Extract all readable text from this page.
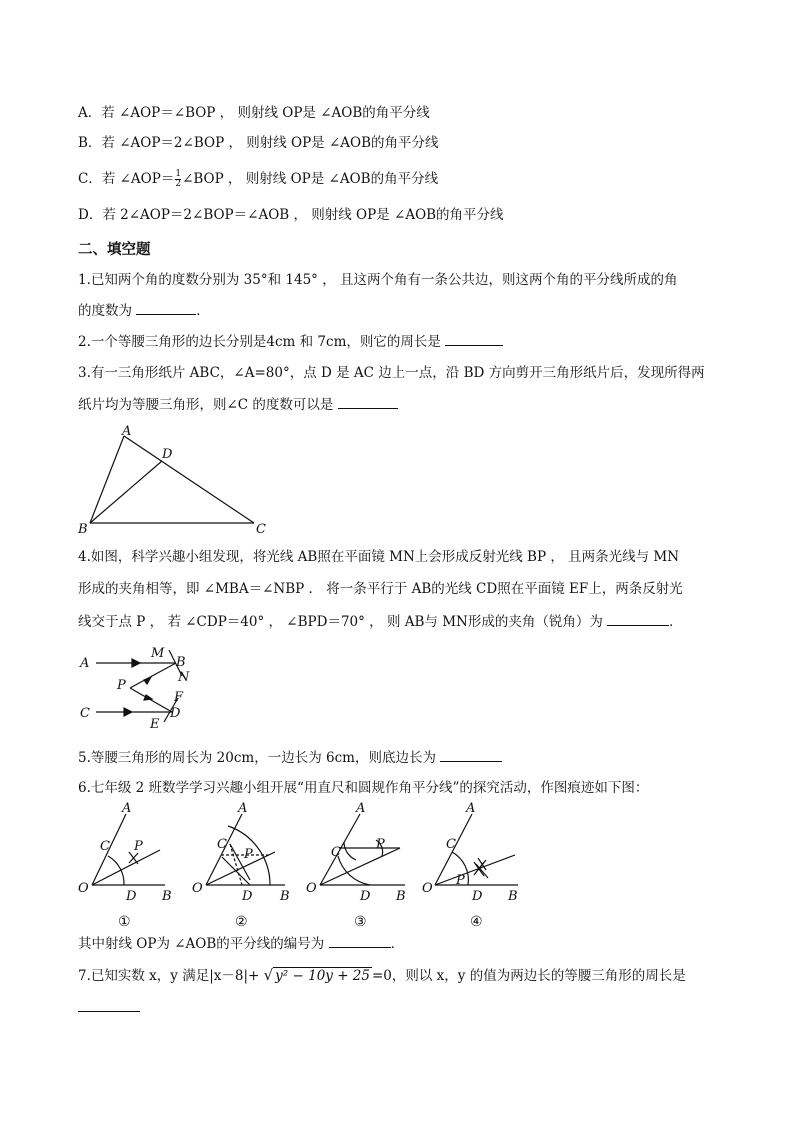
A．若 ∠AOP＝∠BOP ， 则射线 OP是 ∠AOB的角平分线
B．若 ∠AOP＝2∠BOP ， 则射线 OP是 ∠AOB的角平分线
C．若 ∠AOP＝ $\frac{1}{2}$ ∠BOP ， 则射线 OP是 ∠AOB的角平分线
D．若 2∠AOP＝2∠BOP＝∠AOB ， 则射线 OP是 ∠AOB的角平分线
二、填空题
1.已知两个角的度数分别为 35°和 145° ， 且这两个角有一条公共边，则这两个角的平分线所成的角
的度数为	．
2.一个等腰三角形的边长分别是4cm 和 7cm，则它的周长是
3.有一三角形纸片 ABC，∠A=80°，点 D 是 AC 边上一点，沿 BD 方向剪开三角形纸片后，发现所得两
纸片均为等腰三角形，则∠C 的度数可以是
A
D
B	C
4.如图，科学兴趣小组发现，将光线 AB照在平面镜 MN上会形成反射光线 BP ， 且两条光线与 MN
形成的夹角相等，即 ∠MBA＝∠NBP ． 将一条平行于 AB的光线 CD照在平面镜 EF上，两条反射光
线交于点 P ， 若 ∠CDP＝40° ， ∠BPD＝70° ， 则 AB与 MN形成的夹角（锐角）为	．
A
M
B
N
P
F
C	D
E
5.等腰三角形的周长为 20cm，一边长为 6cm，则底边长为
6.七年级 2 班数学学习兴趣小组开展“用直尺和圆规作角平分线”的探究活动，作图痕迹如下图：
A
C P
O
D B
①
A
C
P
O
D B
②
A
C
P
O
D B
③
A
C
P
O
D B
④
其中射线 OP为 ∠AOB的平分线的编号为	．
7.已知实数 x，y 满足|x－8|+ √ y² − 10y + 25 =0，则以 x，y 的值为两边长的等腰三角形的周长是
